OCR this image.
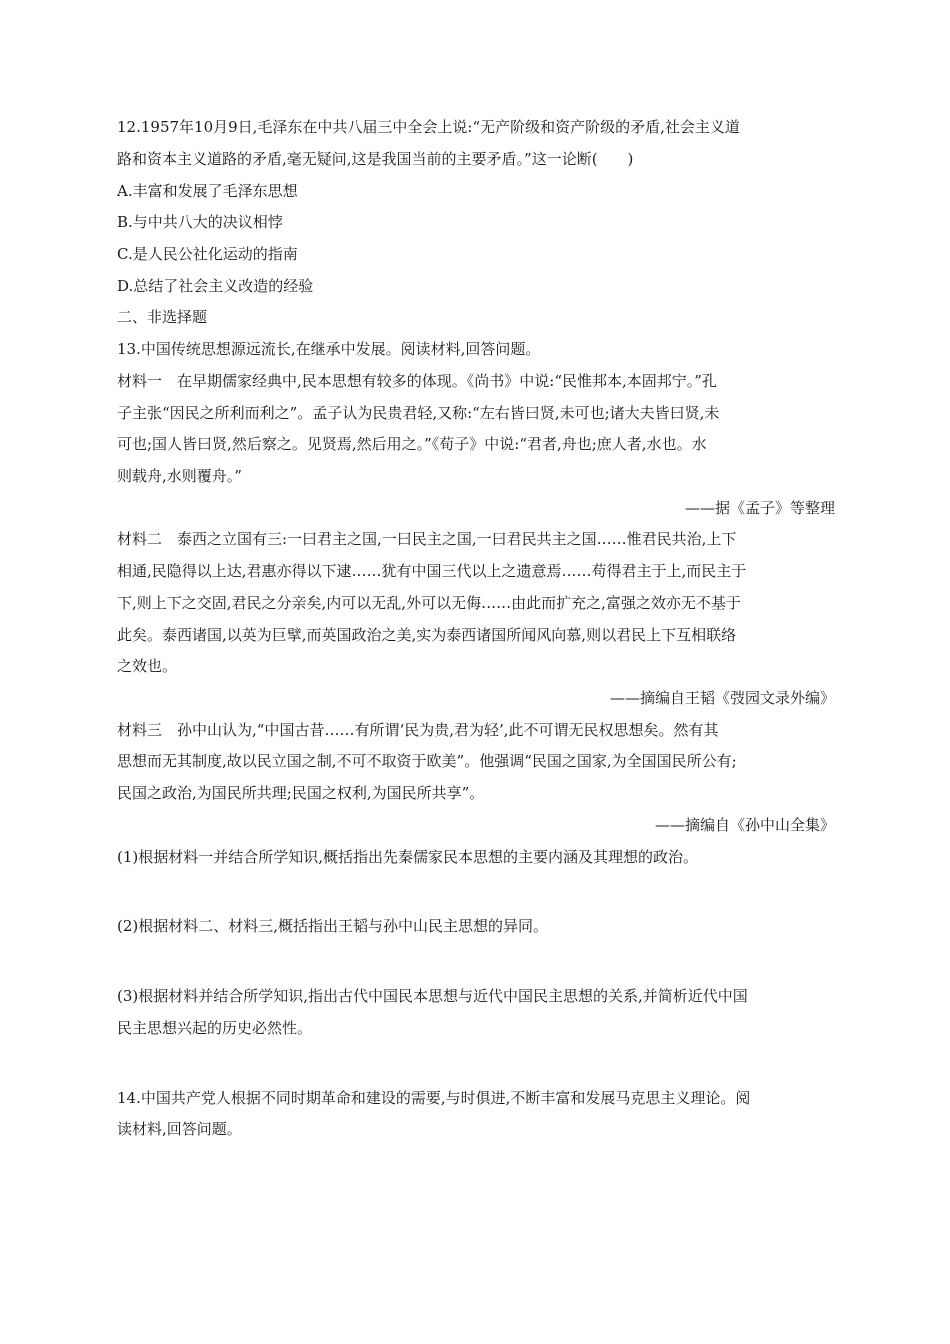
12.1957年10月9日,毛泽东在中共八届三中全会上说:“无产阶级和资产阶级的矛盾,社会主义道
路和资本主义道路的矛盾,毫无疑问,这是我国当前的主要矛盾。”这一论断(　　)
A.丰富和发展了毛泽东思想
B.与中共八大的决议相悖
C.是人民公社化运动的指南
D.总结了社会主义改造的经验
二、非选择题
13.中国传统思想源远流长,在继承中发展。阅读材料,回答问题。
材料一　在早期儒家经典中,民本思想有较多的体现。《尚书》中说:“民惟邦本,本固邦宁。”孔
子主张“因民之所利而利之”。孟子认为民贵君轻,又称:“左右皆曰贤,未可也;诸大夫皆曰贤,未
可也;国人皆曰贤,然后察之。见贤焉,然后用之。”《荀子》中说:“君者,舟也;庶人者,水也。水
则载舟,水则覆舟。”
——据《孟子》等整理
材料二　泰西之立国有三:一曰君主之国,一曰民主之国,一曰君民共主之国……惟君民共治,上下
相通,民隐得以上达,君惠亦得以下逮……犹有中国三代以上之遗意焉……苟得君主于上,而民主于
下,则上下之交固,君民之分亲矣,内可以无乱,外可以无侮……由此而扩充之,富强之效亦无不基于
此矣。泰西诸国,以英为巨擘,而英国政治之美,实为泰西诸国所闻风向慕,则以君民上下互相联络
之效也。
——摘编自王韬《弢园文录外编》
材料三　孙中山认为,“中国古昔……有所谓‘民为贵,君为轻’,此不可谓无民权思想矣。然有其
思想而无其制度,故以民立国之制,不可不取资于欧美”。他强调“民国之国家,为全国国民所公有;
民国之政治,为国民所共理;民国之权利,为国民所共享”。
——摘编自《孙中山全集》
(1)根据材料一并结合所学知识,概括指出先秦儒家民本思想的主要内涵及其理想的政治。
(2)根据材料二、材料三,概括指出王韬与孙中山民主思想的异同。
(3)根据材料并结合所学知识,指出古代中国民本思想与近代中国民主思想的关系,并简析近代中国
民主思想兴起的历史必然性。
14.中国共产党人根据不同时期革命和建设的需要,与时俱进,不断丰富和发展马克思主义理论。阅
读材料,回答问题。
